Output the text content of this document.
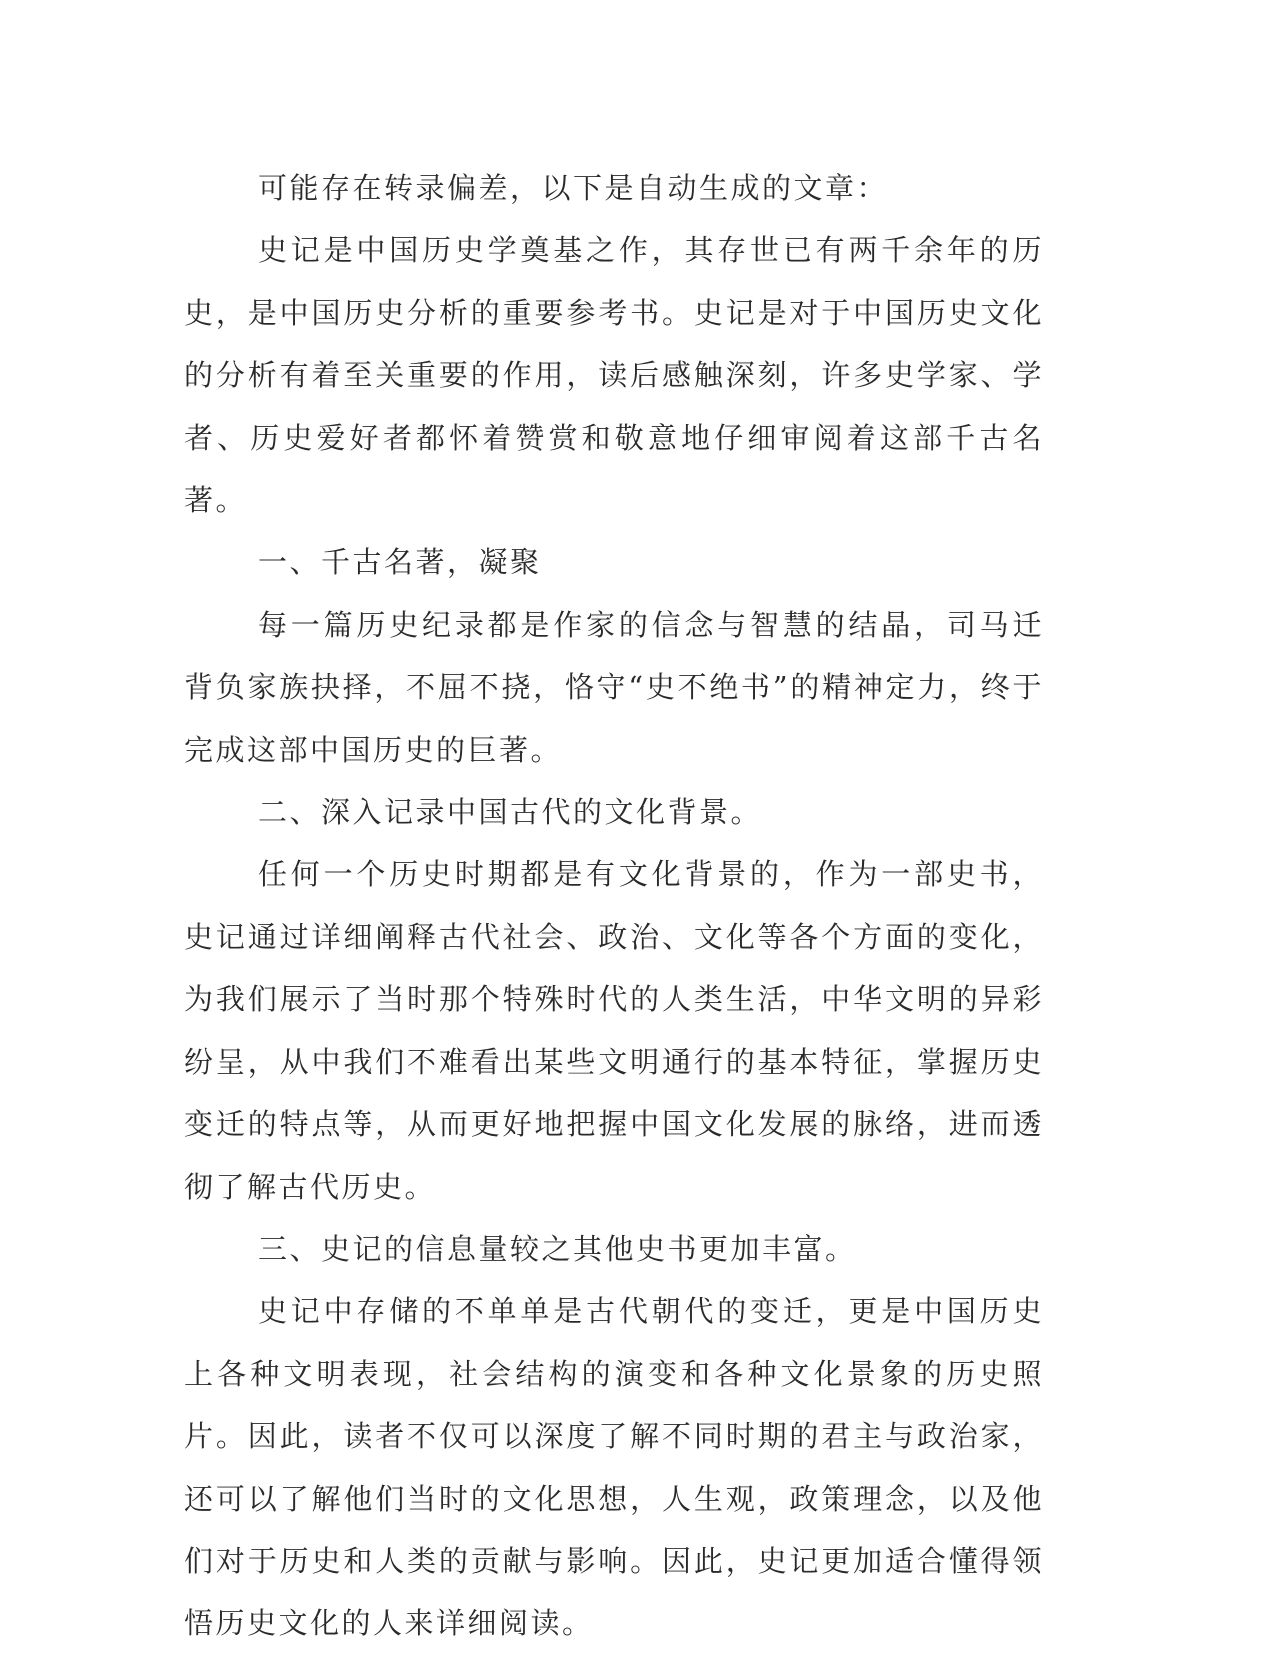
可能存在转录偏差，以下是自动生成的文章：

史记是中国历史学奠基之作，其存世已有两千余年的历史，是中国历史分析的重要参考书。史记是对于中国历史文化的分析有着至关重要的作用，读后感触深刻，许多史学家、学者、历史爱好者都怀着赞赏和敬意地仔细审阅着这部千古名著。

一、千古名著，凝聚

每一篇历史纪录都是作家的信念与智慧的结晶，司马迁背负家族抉择，不屈不挠，恪守“史不绝书”的精神定力，终于完成这部中国历史的巨著。

二、深入记录中国古代的文化背景。

任何一个历史时期都是有文化背景的，作为一部史书，史记通过详细阐释古代社会、政治、文化等各个方面的变化，为我们展示了当时那个特殊时代的人类生活，中华文明的异彩纷呈，从中我们不难看出某些文明通行的基本特征，掌握历史变迁的特点等，从而更好地把握中国文化发展的脉络，进而透彻了解古代历史。

三、史记的信息量较之其他史书更加丰富。

史记中存储的不单单是古代朝代的变迁，更是中国历史上各种文明表现，社会结构的演变和各种文化景象的历史照片。因此，读者不仅可以深度了解不同时期的君主与政治家，还可以了解他们当时的文化思想，人生观，政策理念，以及他们对于历史和人类的贡献与影响。因此，史记更加适合懂得领悟历史文化的人来详细阅读。
